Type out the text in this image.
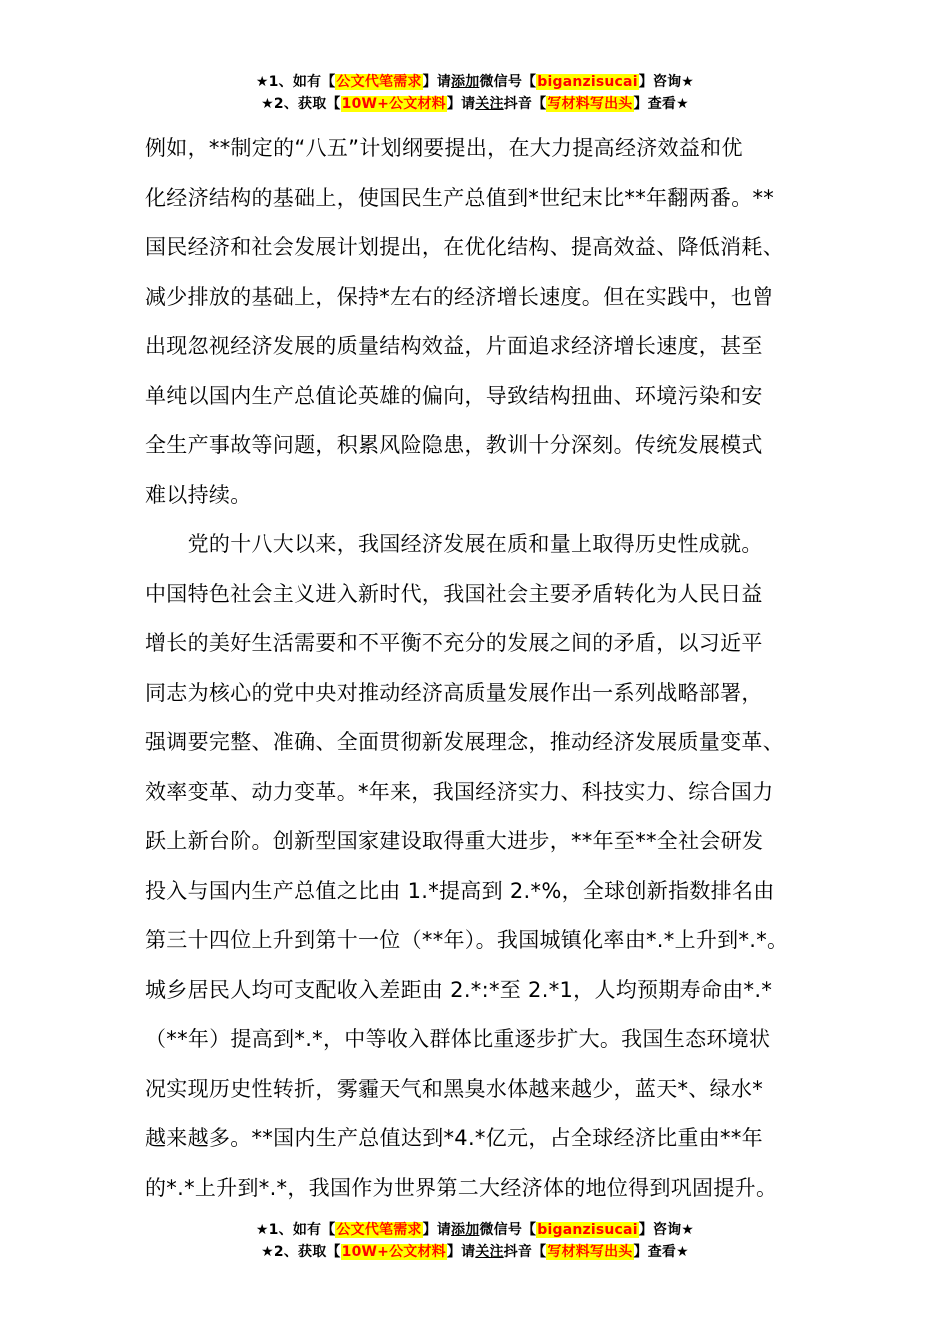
★1、如有【公文代笔需求】请添加微信号【biganzisucai】咨询★
★2、获取【10W+公文材料】请关注抖音【写材料写出头】查看★
例如，**制定的“八五”计划纲要提出，在大力提高经济效益和优
化经济结构的基础上，使国民生产总值到*世纪末比**年翻两番。**
国民经济和社会发展计划提出，在优化结构、提高效益、降低消耗、
减少排放的基础上，保持*左右的经济增长速度。但在实践中，也曾
出现忽视经济发展的质量结构效益，片面追求经济增长速度，甚至
单纯以国内生产总值论英雄的偏向，导致结构扭曲、环境污染和安
全生产事故等问题，积累风险隐患，教训十分深刻。传统发展模式
难以持续。
　　党的十八大以来，我国经济发展在质和量上取得历史性成就。
中国特色社会主义进入新时代，我国社会主要矛盾转化为人民日益
增长的美好生活需要和不平衡不充分的发展之间的矛盾，以习近平
同志为核心的党中央对推动经济高质量发展作出一系列战略部署，
强调要完整、准确、全面贯彻新发展理念，推动经济发展质量变革、
效率变革、动力变革。*年来，我国经济实力、科技实力、综合国力
跃上新台阶。创新型国家建设取得重大进步，**年至**全社会研发
投入与国内生产总值之比由 1.*提高到 2.*%，全球创新指数排名由
第三十四位上升到第十一位（**年）。我国城镇化率由*.*上升到*.*。
城乡居民人均可支配收入差距由 2.*:*至 2.*1，人均预期寿命由*.*
（**年）提高到*.*，中等收入群体比重逐步扩大。我国生态环境状
况实现历史性转折，雾霾天气和黑臭水体越来越少，蓝天*、绿水*
越来越多。**国内生产总值达到*4.*亿元，占全球经济比重由**年
的*.*上升到*.*，我国作为世界第二大经济体的地位得到巩固提升。
★1、如有【公文代笔需求】请添加微信号【biganzisucai】咨询★
★2、获取【10W+公文材料】请关注抖音【写材料写出头】查看★
